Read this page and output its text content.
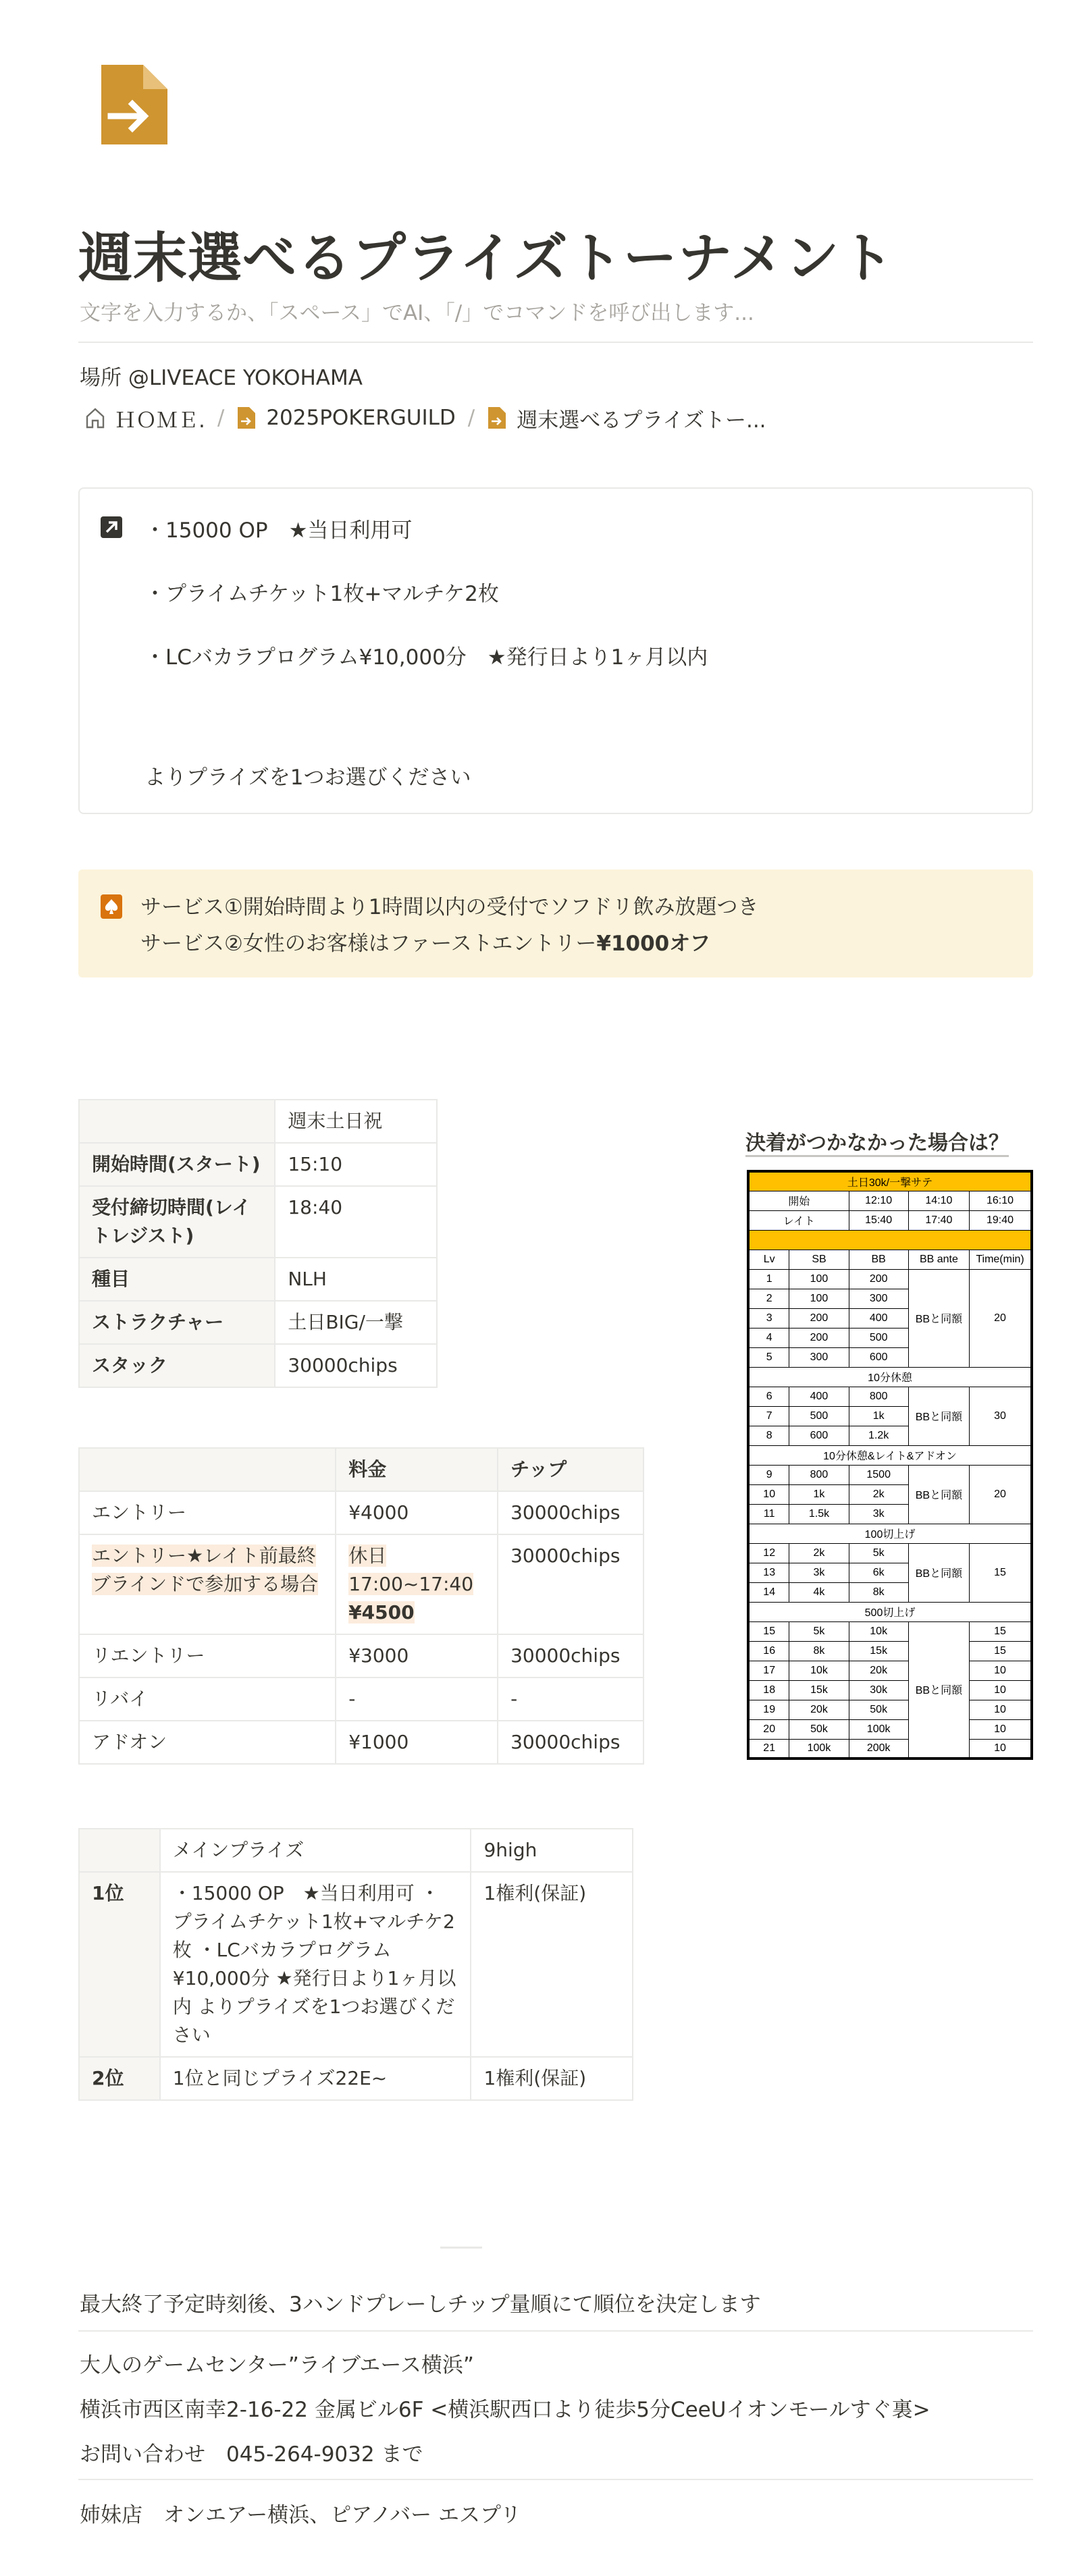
週末選べるプライズトーナメント
文字を入力するか、「スペース」でAI、「/」でコマンドを呼び出します...
場所 @LIVEACE YOKOHAMA
ＨＯＭＥ. / 2025POKERGUILD / 週末選べるプライズトー...
・15000 OP　★当日利用可
・プライムチケット1枚+マルチケ2枚
・LCバカラプログラム¥10,000分　★発行日より1ヶ月以内
よりプライズを1つお選びください
サービス①開始時間より1時間以内の受付でソフドリ飲み放題つき
サービス②女性のお客様はファーストエントリー¥1000オフ
	週末土日祝
開始時間(スタート)	15:10
受付締切時間(レイトレジスト)	18:40
種目	NLH
ストラクチャー	土日BIG/一撃
スタック	30000chips
	料金	チップ
エントリー	¥4000	30000chips
エントリー★レイト前最終ブラインドで参加する場合	休日
17:00~17:40
¥4500	30000chips
リエントリー	¥3000	30000chips
リバイ	-	-
アドオン	¥1000	30000chips
	メインプライズ	9high
1位	・15000 OP　★当日利用可 ・プライムチケット1枚+マルチケ2枚 ・LCバカラプログラム¥10,000分 ★発行日より1ヶ月以内 よりプライズを1つお選びください	1権利(保証)
2位	1位と同じプライズ22E~	1権利(保証)
決着がつかなかった場合は？
土日30k/一撃サテ				
開始		12:10	14:10	16:10
レイト		15:40	17:40	19:40

Lv	SB	BB	BB ante	Time(min)
1	100	200	BBと同額	20
2	100	300		
3	200	400		
4	200	500		
5	300	600		
10分休憩				
6	400	800	BBと同額	30
7	500	1k		
8	600	1.2k		
10分休憩&レイト&アドオン				
9	800	1500	BBと同額	20
10	1k	2k		
11	1.5k	3k		
100切上げ				
12	2k	5k	BBと同額	15
13	3k	6k		
14	4k	8k		
500切上げ				
15	5k	10k	BBと同額	15
16	8k	15k		15
17	10k	20k		10
18	15k	30k		10
19	20k	50k		10
20	50k	100k		10
21	100k	200k		10
最大終了予定時刻後、3ハンドプレーしチップ量順にて順位を決定します
大人のゲームセンター”ライブエース横浜”
横浜市西区南幸2-16-22 金属ビル6F <横浜駅西口より徒歩5分CeeUイオンモールすぐ裏>
お問い合わせ　045-264-9032 まで
姉妹店　オンエアー横浜、ピアノバー エスプリ
